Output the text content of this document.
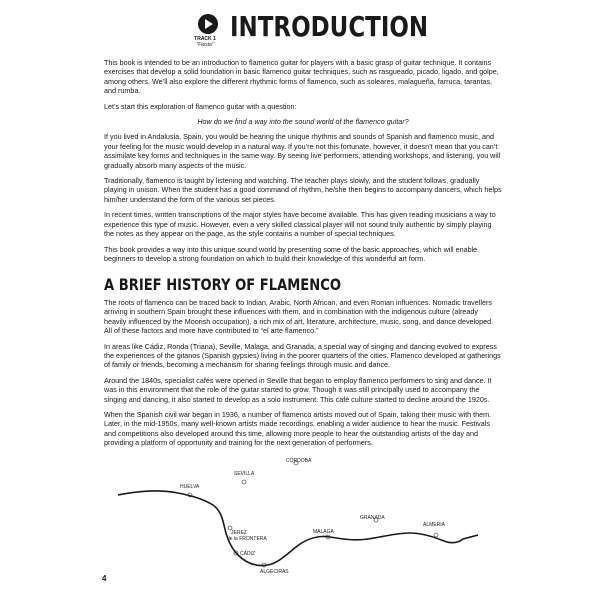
TRACK 1
“Fiesta”
INTRODUCTION

This book is intended to be an introduction to flamenco guitar for players with a basic grasp of guitar technique. It contains exercises that develop a solid foundation in basic flamenco guitar techniques, such as rasgueado, picado, ligado, and golpe, among others. We’ll also explore the different rhythmic forms of flamenco, such as soleares, malagueña, farruca, tarantas, and rumba.

Let’s start this exploration of flamenco guitar with a question:

How do we find a way into the sound world of the flamenco guitar?

If you lived in Andalusia, Spain, you would be hearing the unique rhythms and sounds of Spanish and flamenco music, and your feeling for the music would develop in a natural way. If you’re not this fortunate, however, it doesn’t mean that you can’t assimilate key forms and techniques in the same way. By seeing live performers, attending workshops, and listening, you will gradually absorb many aspects of the music.

Traditionally, flamenco is taught by listening and watching. The teacher plays slowly, and the student follows, gradually playing in unison. When the student has a good command of rhythm, he/she then begins to accompany dancers, which helps him/her understand the form of the various set pieces.

In recent times, written transcriptions of the major styles have become available. This has given reading musicians a way to experience this type of music. However, even a very skilled classical player will not sound truly authentic by simply playing the notes as they appear on the page, as the style contains a number of special techniques.

This book provides a way into this unique sound world by presenting some of the basic approaches, which will enable beginners to develop a strong foundation on which to build their knowledge of this wonderful art form.

A BRIEF HISTORY OF FLAMENCO

The roots of flamenco can be traced back to Indian, Arabic, North African, and even Roman influences. Nomadic travellers arriving in southern Spain brought these influences with them, and in combination with the indigenous culture (already heavily influenced by the Moorish occupation), a rich mix of art, literature, architecture, music, song, and dance developed. All of these factors and more have contributed to “el arte flamenco.”

In areas like Cádiz, Ronda (Triana), Seville, Malaga, and Granada, a special way of singing and dancing evolved to express the experiences of the gitanos (Spanish gypsies) living in the poorer quarters of the cities. Flamenco developed at gatherings of family or friends, becoming a mechanism for sharing feelings through music and dance.

Around the 1840s, specialist cafés were opened in Seville that began to employ flamenco performers to sing and dance. It was in this environment that the role of the guitar started to grow. Though it was still principally used to accompany the singing and dancing, it also started to develop as a solo instrument. This café culture started to decline around the 1920s.

When the Spanish civil war began in 1936, a number of flamenco artists moved out of Spain, taking their music with them. Later, in the mid-1950s, many well-known artists made recordings, enabling a wider audience to hear the music. Festivals and competitions also developed around this time, allowing more people to hear the outstanding artists of the day and providing a platform of opportunity and training for the next generation of performers.

CÓRDOBA
SEVILLA
HUELVA
GRANADA
ALMERIA
MALAGA
JEREZ
de la FRONTERA
CÁDIZ
ALGECIRAS
4
